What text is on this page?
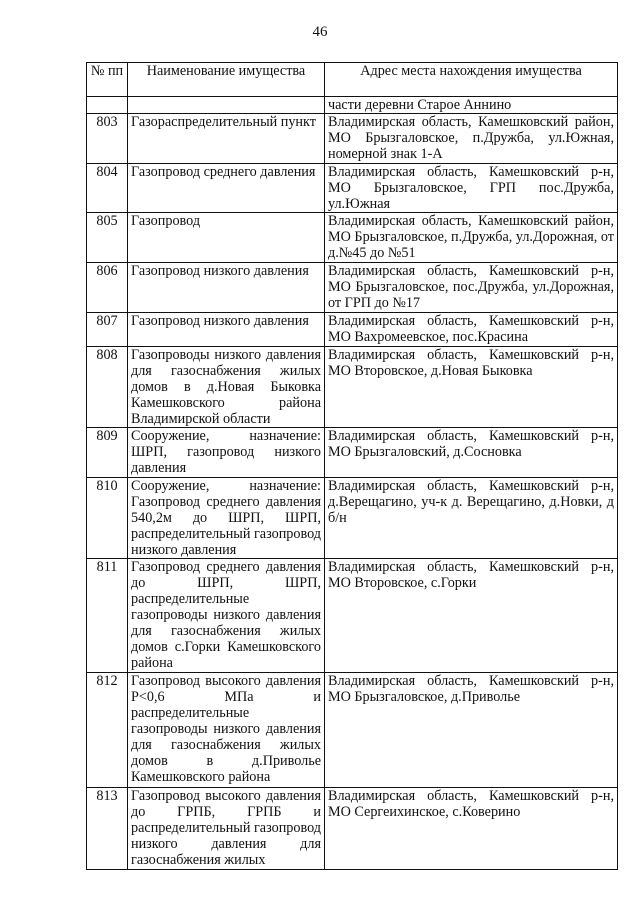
46
№ пп	Наименование имущества	Адрес места нахождения имущества
		части деревни Старое Аннино
803	Газораспределительный пункт	Владимирская область, Камешковский район, МО Брызгаловское, п.Дружба, ул.Южная, номерной знак 1-А
804	Газопровод среднего давления	Владимирская область, Камешковский р-н, МО Брызгаловское, ГРП пос.Дружба, ул.Южная
805	Газопровод	Владимирская область, Камешковский район, МО Брызгаловское, п.Дружба, ул.Дорожная, от д.№45 до №51
806	Газопровод низкого давления	Владимирская область, Камешковский р-н, МО Брызгаловское, пос.Дружба, ул.Дорожная, от ГРП до №17
807	Газопровод низкого давления	Владимирская область, Камешковский р-н, МО Вахромеевское, пос.Красина
808	Газопроводы низкого давления для газоснабжения жилых домов в д.Новая Быковка Камешковского района Владимирской области	Владимирская область, Камешковский р-н, МО Второвское, д.Новая Быковка
809	Сооружение, назначение: ШРП, газопровод низкого давления	Владимирская область, Камешковский р-н, МО Брызгаловский, д.Сосновка
810	Сооружение, назначение: Газопровод среднего давления 540,2м до ШРП, ШРП, распределительный газопровод низкого давления	Владимирская область, Камешковский р-н, д.Верещагино, уч-к д. Верещагино, д.Новки, д б/н
811	Газопровод среднего давления до ШРП, ШРП, распределительные газопроводы низкого давления для газоснабжения жилых домов с.Горки Камешковского района	Владимирская область, Камешковский р-н, МО Второвское, с.Горки
812	Газопровод высокого давления Р<0,6 МПа и распределительные газопроводы низкого давления для газоснабжения жилых домов в д.Приволье Камешковского района	Владимирская область, Камешковский р-н, МО Брызгаловское, д.Приволье
813	Газопровод высокого давления до ГРПБ, ГРПБ и распределительный газопровод низкого давления для газоснабжения жилых	Владимирская область, Камешковский р-н, МО Сергеихинское, с.Коверино
